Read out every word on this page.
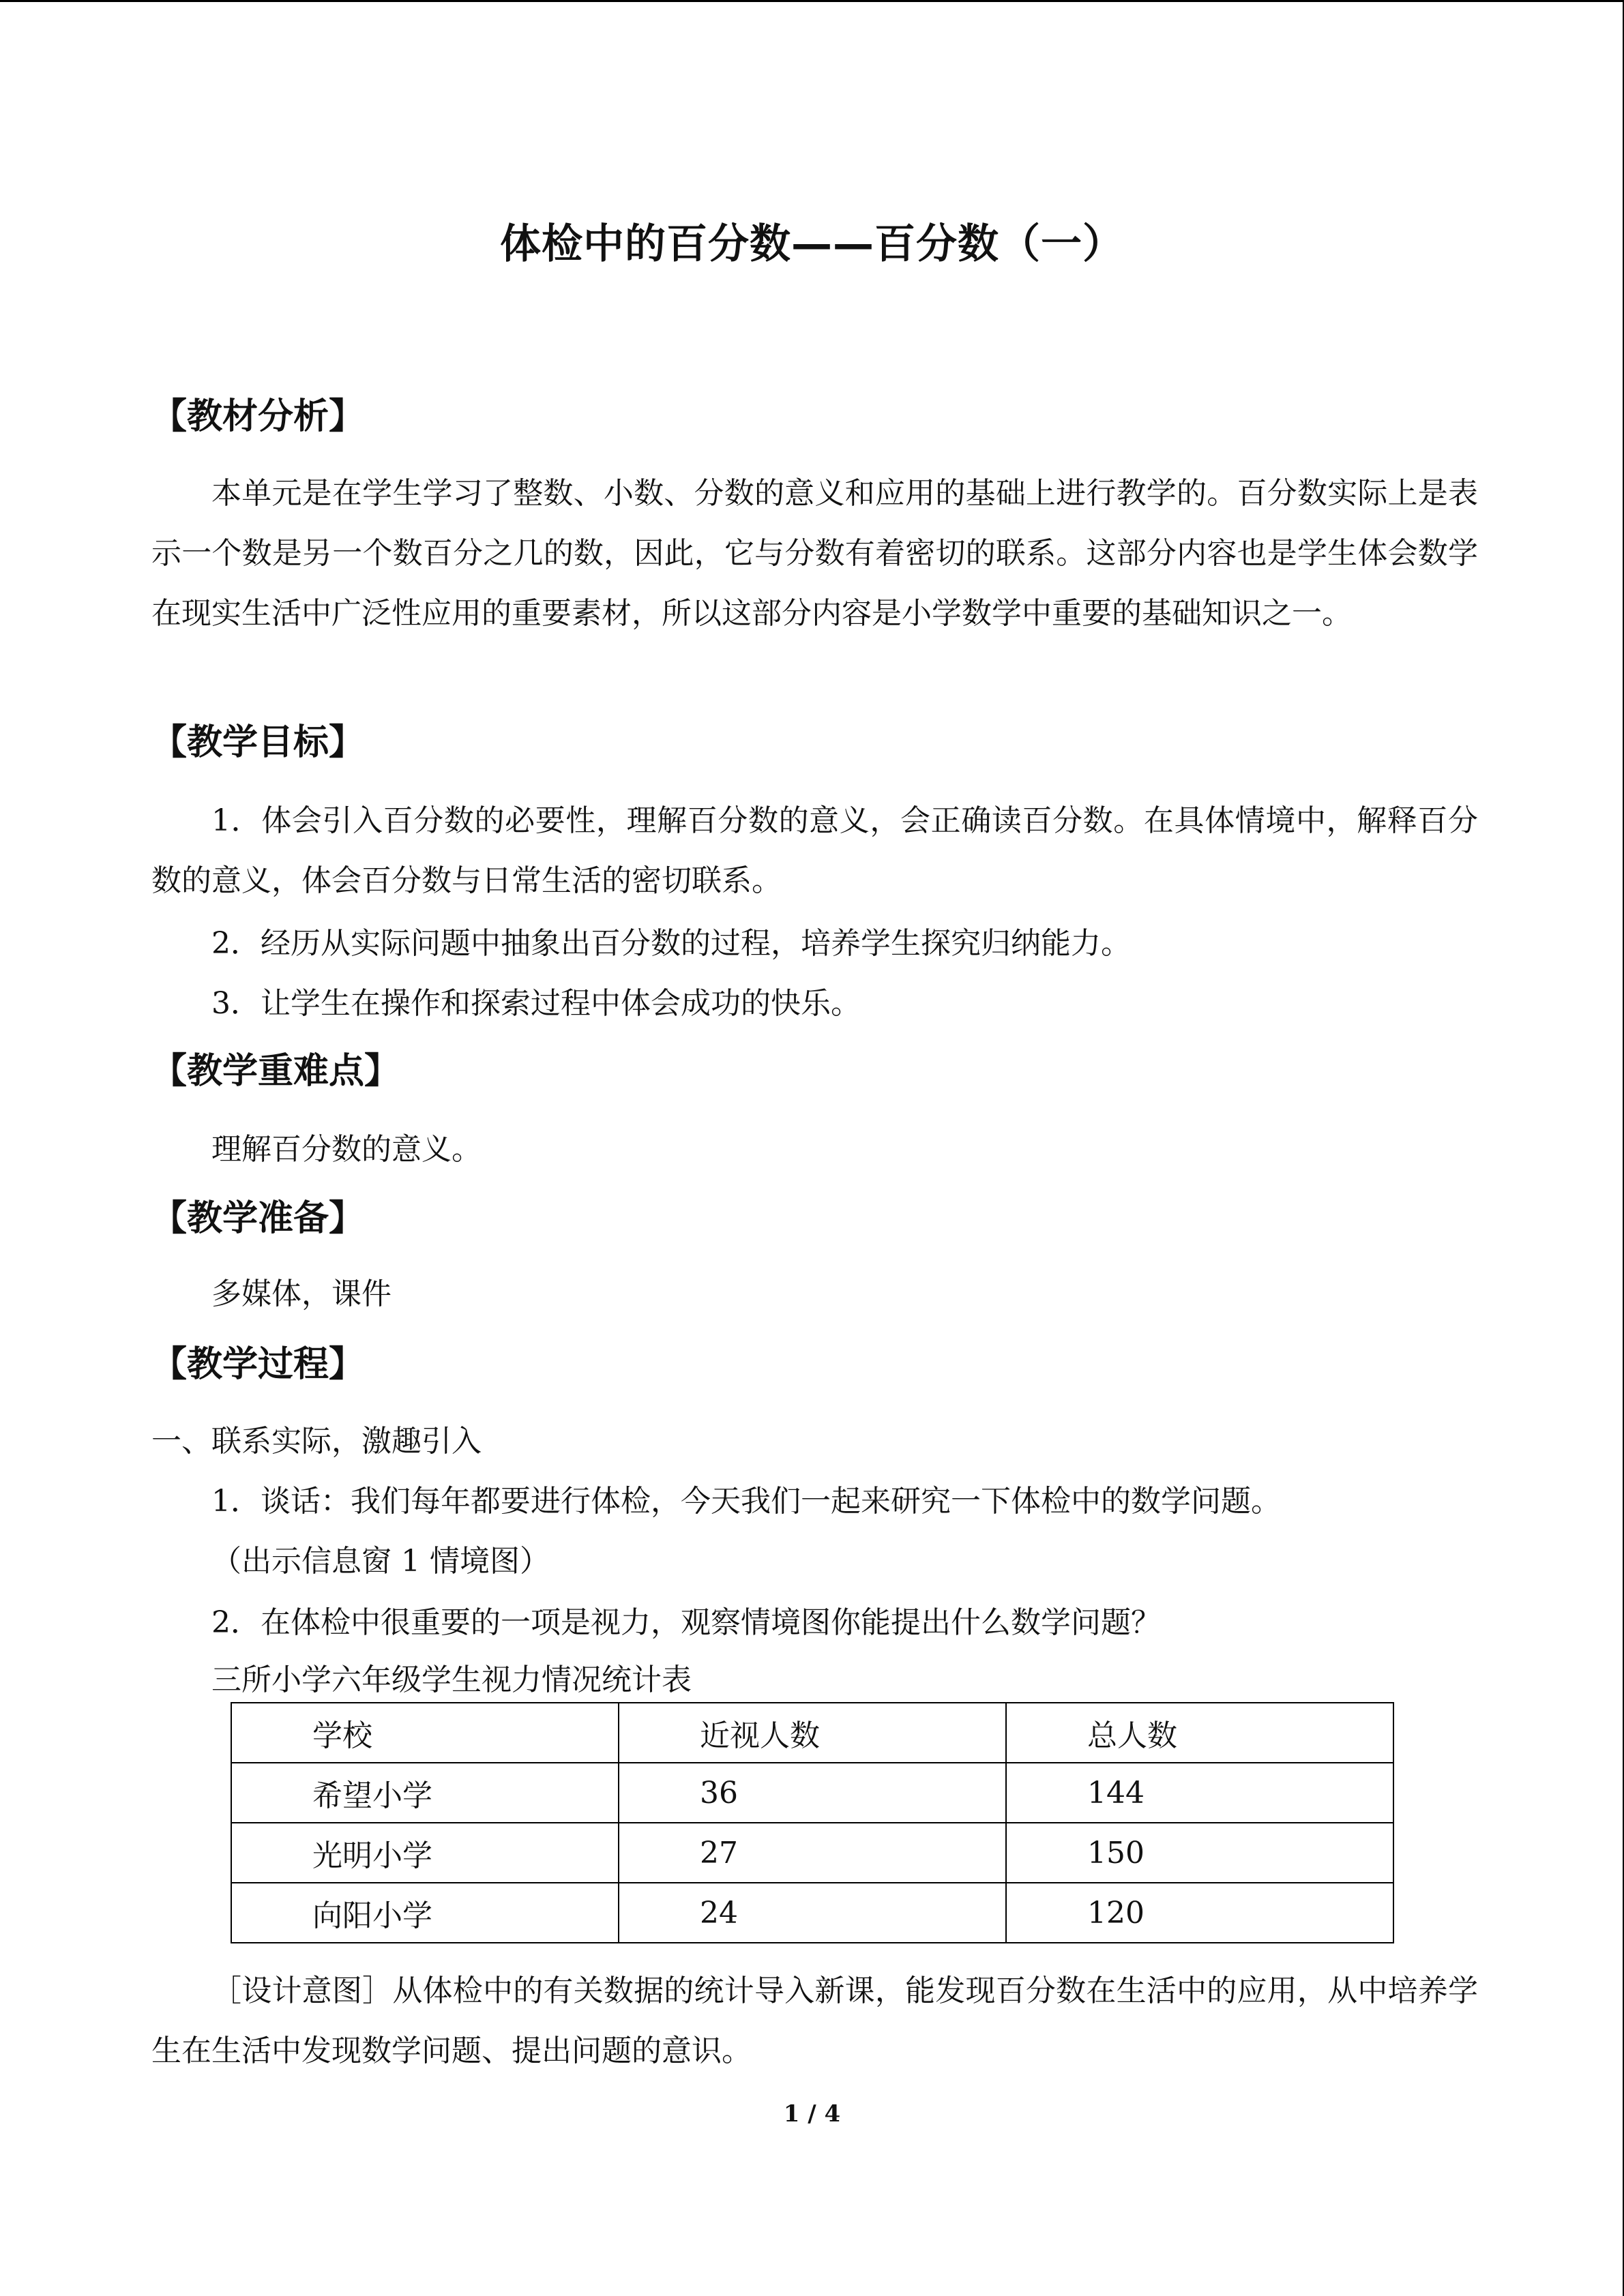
体检中的百分数——百分数（一）
【教材分析】
本单元是在学生学习了整数、小数、分数的意义和应用的基础上进行教学的。百分数实际上是表示一个数是另一个数百分之几的数，因此，它与分数有着密切的联系。这部分内容也是学生体会数学在现实生活中广泛性应用的重要素材，所以这部分内容是小学数学中重要的基础知识之一。
【教学目标】
1．体会引入百分数的必要性，理解百分数的意义，会正确读百分数。在具体情境中，解释百分数的意义，体会百分数与日常生活的密切联系。
2．经历从实际问题中抽象出百分数的过程，培养学生探究归纳能力。
3．让学生在操作和探索过程中体会成功的快乐。
【教学重难点】
理解百分数的意义。
【教学准备】
多媒体，课件
【教学过程】
一、联系实际，激趣引入
1．谈话：我们每年都要进行体检，今天我们一起来研究一下体检中的数学问题。
（出示信息窗 1 情境图）
2．在体检中很重要的一项是视力，观察情境图你能提出什么数学问题？
三所小学六年级学生视力情况统计表
学校	近视人数	总人数
希望小学	36	144
光明小学	27	150
向阳小学	24	120
［设计意图］从体检中的有关数据的统计导入新课，能发现百分数在生活中的应用，从中培养学生在生活中发现数学问题、提出问题的意识。
1 / 4
